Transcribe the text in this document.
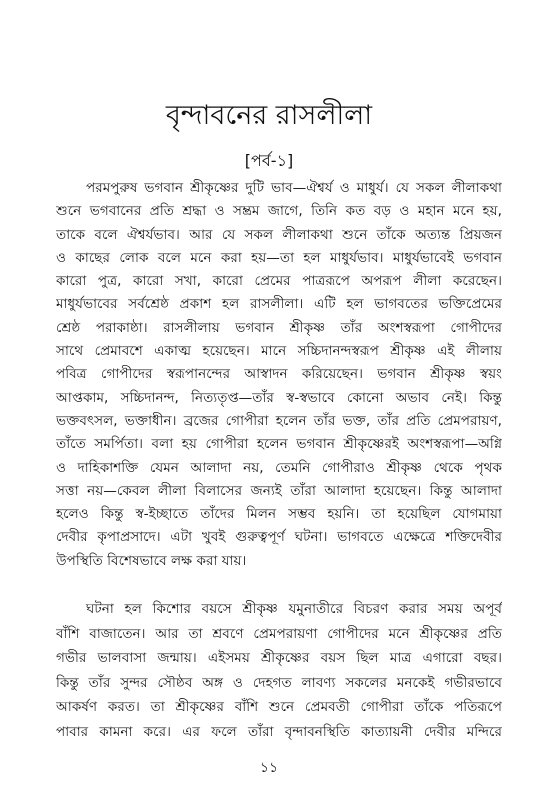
বৃন্দাবনের রাসলীলা
[পর্ব-১]
পরমপুরুষ ভগবান শ্রীকৃষ্ণের দুটি ভাব—ঐশ্বর্য ও মাধুর্য। যে সকল লীলাকথা
শুনে ভগবানের প্রতি শ্রদ্ধা ও সম্ভ্রম জাগে, তিনি কত বড় ও মহান মনে হয়,
তাকে বলে ঐশ্বর্যভাব। আর যে সকল লীলাকথা শুনে তাঁকে অত্যন্ত প্রিয়জন
ও কাছের লোক বলে মনে করা হয়—তা হল মাধুর্যভাব। মাধুর্যভাবেই ভগবান
কারো পুত্র, কারো সখা, কারো প্রেমের পাত্ররূপে অপরূপ লীলা করেছেন।
মাধুর্যভাবের সর্বশ্রেষ্ঠ প্রকাশ হল রাসলীলা। এটি হল ভাগবতের ভক্তিপ্রেমের
শ্রেষ্ঠ পরাকাষ্ঠা। রাসলীলায় ভগবান শ্রীকৃষ্ণ তাঁর অংশস্বরূপা গোপীদের
সাথে প্রেমাবশে একাত্ম হয়েছেন। মানে সচ্চিদানন্দস্বরূপ শ্রীকৃষ্ণ এই লীলায়
পবিত্র গোপীদের স্বরূপানন্দের আস্বাদন করিয়েছেন। ভগবান শ্রীকৃষ্ণ স্বয়ং
আপ্তকাম, সচ্চিদানন্দ, নিত্যতৃপ্ত—তাঁর স্ব-স্বভাবে কোনো অভাব নেই। কিন্তু
ভক্তবৎসল, ভক্তাধীন। ব্রজের গোপীরা হলেন তাঁর ভক্ত, তাঁর প্রতি প্রেমপরায়ণ,
তাঁতে সমর্পিতা। বলা হয় গোপীরা হলেন ভগবান শ্রীকৃষ্ণেরই অংশস্বরূপা—অগ্নি
ও দাহিকাশক্তি যেমন আলাদা নয়, তেমনি গোপীরাও শ্রীকৃষ্ণ থেকে পৃথক
সত্তা নয়—কেবল লীলা বিলাসের জন্যই তাঁরা আলাদা হয়েছেন। কিন্তু আলাদা
হলেও কিন্তু স্ব-ইচ্ছাতে তাঁদের মিলন সম্ভব হয়নি। তা হয়েছিল যোগমায়া
দেবীর কৃপাপ্রসাদে। এটা খুবই গুরুত্বপূর্ণ ঘটনা। ভাগবতে এক্ষেত্রে শক্তিদেবীর
উপস্থিতি বিশেষভাবে লক্ষ করা যায়।
ঘটনা হল কিশোর বয়সে শ্রীকৃষ্ণ যমুনাতীরে বিচরণ করার সময় অপূর্ব
বাঁশি বাজাতেন। আর তা শ্রবণে প্রেমপরায়ণা গোপীদের মনে শ্রীকৃষ্ণের প্রতি
গভীর ভালবাসা জন্মায়। এইসময় শ্রীকৃষ্ণের বয়স ছিল মাত্র এগারো বছর।
কিন্তু তাঁর সুন্দর সৌষ্ঠব অঙ্গ ও দেহগত লাবণ্য সকলের মনকেই গভীরভাবে
আকর্ষণ করত। তা শ্রীকৃষ্ণের বাঁশি শুনে প্রেমবতী গোপীরা তাঁকে পতিরূপে
পাবার কামনা করে। এর ফলে তাঁরা বৃন্দাবনস্থিতি কাত্যায়নী দেবীর মন্দিরে
১১
